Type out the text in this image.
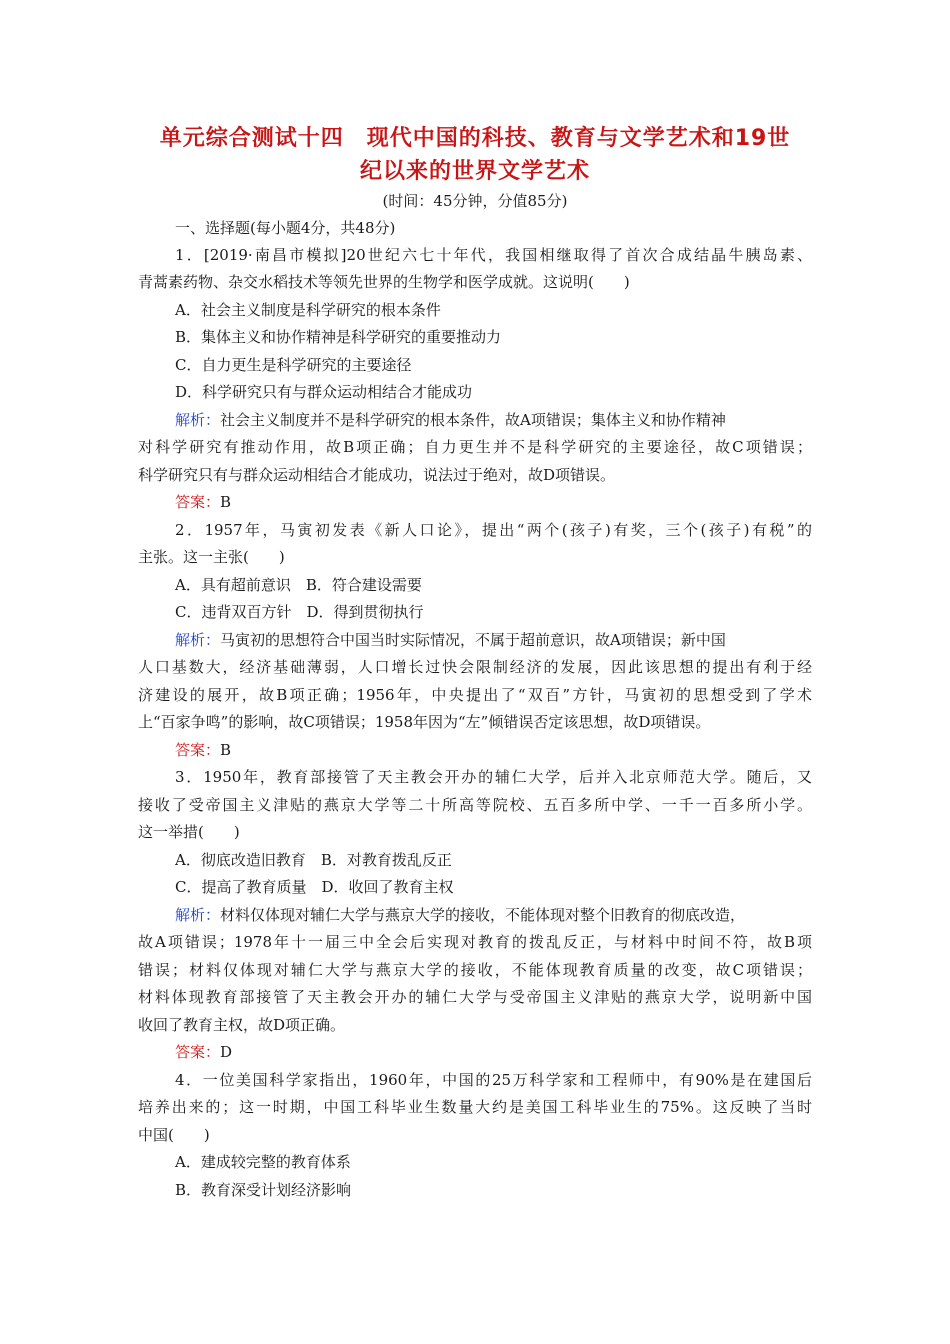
单元综合测试十四　现代中国的科技、教育与文学艺术和19世
纪以来的世界文学艺术
(时间：45分钟，分值85分)
一、选择题(每小题4分，共48分)
1．[2019·南昌市模拟]20世纪六七十年代，我国相继取得了首次合成结晶牛胰岛素、
青蒿素药物、杂交水稻技术等领先世界的生物学和医学成就。这说明(　　)
A．社会主义制度是科学研究的根本条件
B．集体主义和协作精神是科学研究的重要推动力
C．自力更生是科学研究的主要途径
D．科学研究只有与群众运动相结合才能成功
解析：社会主义制度并不是科学研究的根本条件，故A项错误；集体主义和协作精神
对科学研究有推动作用，故B项正确；自力更生并不是科学研究的主要途径，故C项错误；
科学研究只有与群众运动相结合才能成功，说法过于绝对，故D项错误。
答案：B
2．1957年，马寅初发表《新人口论》，提出“两个(孩子)有奖，三个(孩子)有税”的
主张。这一主张(　　)
A．具有超前意识　B．符合建设需要
C．违背双百方针　D．得到贯彻执行
解析：马寅初的思想符合中国当时实际情况，不属于超前意识，故A项错误；新中国
人口基数大，经济基础薄弱，人口增长过快会限制经济的发展，因此该思想的提出有利于经
济建设的展开，故B项正确；1956年，中央提出了“双百”方针，马寅初的思想受到了学术
上“百家争鸣”的影响，故C项错误；1958年因为“左”倾错误否定该思想，故D项错误。
答案：B
3．1950年，教育部接管了天主教会开办的辅仁大学，后并入北京师范大学。随后，又
接收了受帝国主义津贴的燕京大学等二十所高等院校、五百多所中学、一千一百多所小学。
这一举措(　　)
A．彻底改造旧教育　B．对教育拨乱反正
C．提高了教育质量　D．收回了教育主权
解析：材料仅体现对辅仁大学与燕京大学的接收，不能体现对整个旧教育的彻底改造，
故A项错误；1978年十一届三中全会后实现对教育的拨乱反正，与材料中时间不符，故B项
错误；材料仅体现对辅仁大学与燕京大学的接收，不能体现教育质量的改变，故C项错误；
材料体现教育部接管了天主教会开办的辅仁大学与受帝国主义津贴的燕京大学，说明新中国
收回了教育主权，故D项正确。
答案：D
4．一位美国科学家指出，1960年，中国的25万科学家和工程师中，有90%是在建国后
培养出来的；这一时期，中国工科毕业生数量大约是美国工科毕业生的75%。这反映了当时
中国(　　)
A．建成较完整的教育体系
B．教育深受计划经济影响
